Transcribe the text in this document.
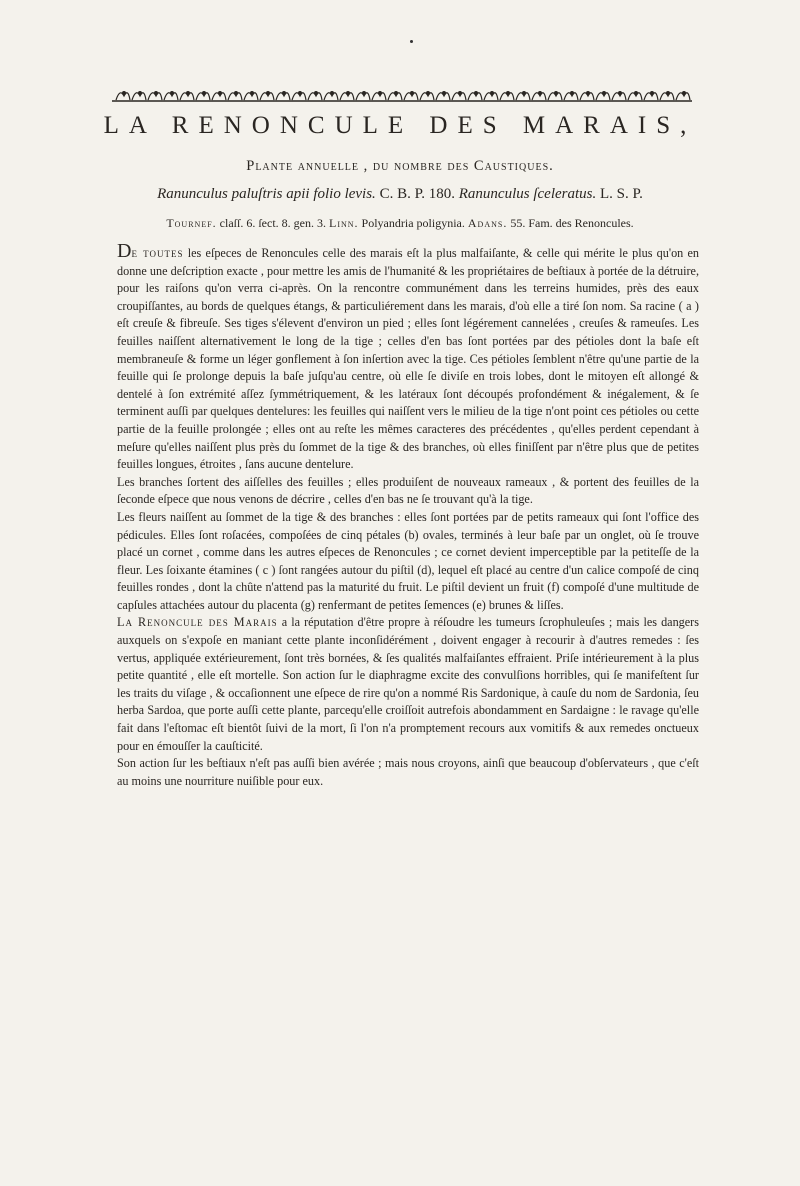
LA RENONCULE DES MARAIS,
Plante annuelle , du nombre des Caustiques.
Ranunculus paluſtris apii folio levis. C. B. P. 180. Ranunculus ſceleratus. L. S. P.
Tournef. claſſ. 6. ſect. 8. gen. 3. Linn. Polyandria poligynia. Adans. 55. Fam. des Renoncules.

De toutes les eſpeces de Renoncules celle des marais eſt la plus malfaiſante, & celle qui mérite le plus qu'on en donne une deſcription exacte , pour mettre les amis de l'humanité & les propriétaires de beſtiaux à portée de la détruire, pour les raiſons qu'on verra ci-après. On la rencontre communément dans les terreins humides, près des eaux croupiſſantes, au bords de quelques étangs, & particuliérement dans les marais, d'où elle a tiré ſon nom. Sa racine ( a ) eſt creuſe & fibreuſe. Ses tiges s'élevent d'environ un pied ; elles ſont légérement cannelées , creuſes & rameuſes. Les feuilles naiſſent alternativement le long de la tige ; celles d'en bas ſont portées par des pétioles dont la baſe eſt membraneuſe & forme un léger gonflement à ſon inſertion avec la tige. Ces pétioles ſemblent n'être qu'une partie de la feuille qui ſe prolonge depuis la baſe juſqu'au centre, où elle ſe diviſe en trois lobes, dont le mitoyen eſt allongé & dentelé à ſon extrémité aſſez ſymmétriquement, & les latéraux ſont découpés profondément & inégalement, & ſe terminent auſſi par quelques dentelures: les feuilles qui naiſſent vers le milieu de la tige n'ont point ces pétioles ou cette partie de la feuille prolongée ; elles ont au reſte les mêmes caracteres des précédentes , qu'elles perdent cependant à meſure qu'elles naiſſent plus près du ſommet de la tige & des branches, où elles finiſſent par n'être plus que de petites feuilles longues, étroites , ſans aucune dentelure.

Les branches ſortent des aiſſelles des feuilles ; elles produiſent de nouveaux rameaux , & portent des feuilles de la ſeconde eſpece que nous venons de décrire , celles d'en bas ne ſe trouvant qu'à la tige.

Les fleurs naiſſent au ſommet de la tige & des branches : elles ſont portées par de petits rameaux qui ſont l'office des pédicules. Elles ſont roſacées, compoſées de cinq pétales (b) ovales, terminés à leur baſe par un onglet, où ſe trouve placé un cornet , comme dans les autres eſpeces de Renoncules ; ce cornet devient imperceptible par la petiteſſe de la fleur. Les ſoixante étamines ( c ) ſont rangées autour du piſtil (d), lequel eſt placé au centre d'un calice compoſé de cinq feuilles rondes , dont la chûte n'attend pas la maturité du fruit. Le piſtil devient un fruit (f) compoſé d'une multitude de capſules attachées autour du placenta (g) renfermant de petites ſemences (e) brunes & liſſes.

La Renoncule des Marais a la réputation d'être propre à réſoudre les tumeurs ſcrophuleuſes ; mais les dangers auxquels on s'expoſe en maniant cette plante inconſidérément , doivent engager à recourir à d'autres remedes : ſes vertus, appliquée extérieurement, ſont très bornées, & ſes qualités malfaiſantes effraient. Priſe intérieurement à la plus petite quantité , elle eſt mortelle. Son action ſur le diaphragme excite des convulſions horribles, qui ſe manifeſtent ſur les traits du viſage , & occaſionnent une eſpece de rire qu'on a nommé Ris Sardonique, à cauſe du nom de Sardonia, ſeu herba Sardoa, que porte auſſi cette plante, parcequ'elle croiſſoit autrefois abondamment en Sardaigne : le ravage qu'elle fait dans l'eſtomac eſt bientôt ſuivi de la mort, ſi l'on n'a promptement recours aux vomitifs & aux remedes onctueux pour en émouſſer la cauſticité.

Son action ſur les beſtiaux n'eſt pas auſſi bien avérée ; mais nous croyons, ainſi que beaucoup d'obſervateurs , que c'eſt au moins une nourriture nuiſible pour eux.
